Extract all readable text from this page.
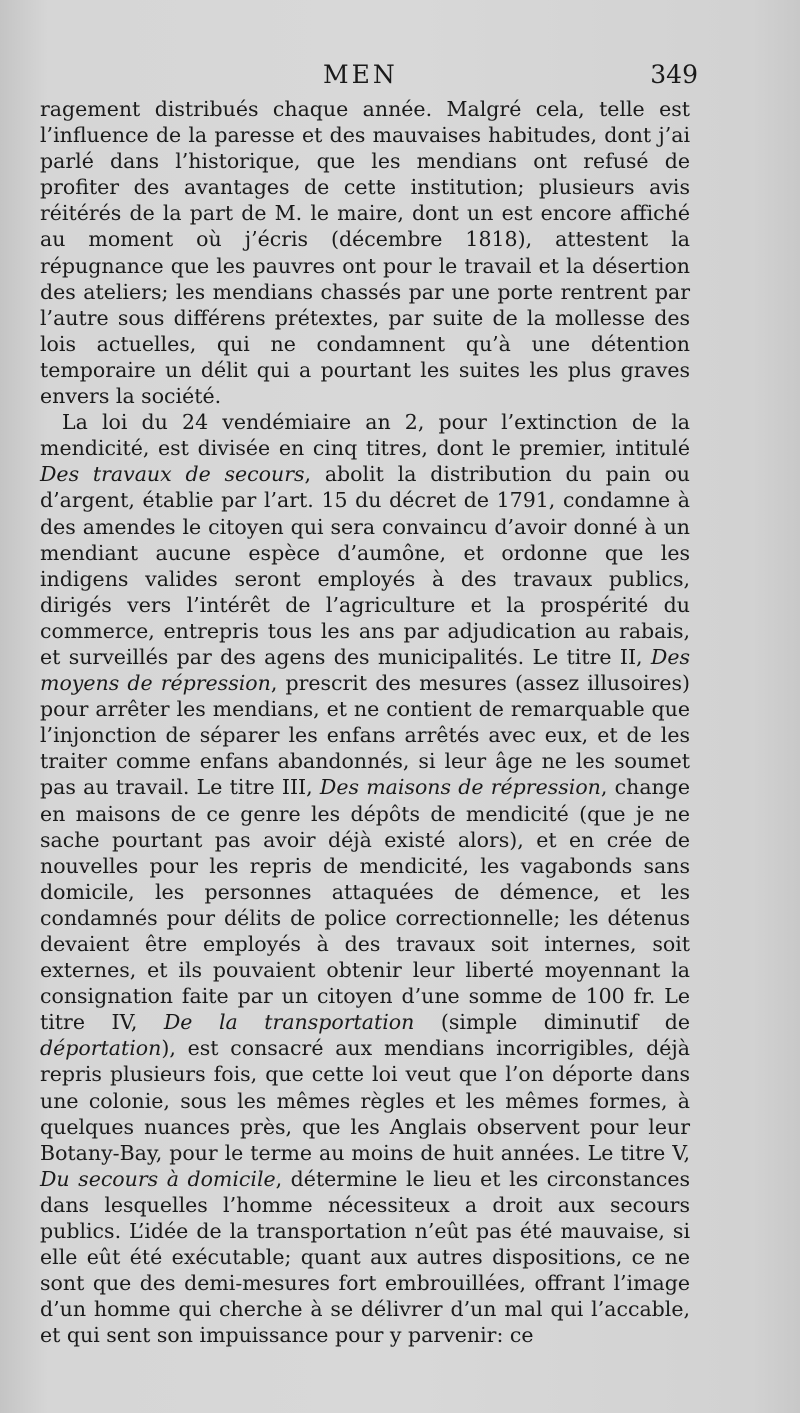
MEN	349

ragement distribués chaque année. Malgré cela, telle est l’influence de la paresse et des mauvaises habitudes, dont j’ai parlé dans l’historique, que les mendians ont refusé de profiter des avantages de cette institution; plusieurs avis réitérés de la part de M. le maire, dont un est encore affiché au moment où j’écris (décembre 1818), attestent la répugnance que les pauvres ont pour le travail et la désertion des ateliers; les mendians chassés par une porte rentrent par l’autre sous différens prétextes, par suite de la mollesse des lois actuelles, qui ne condamnent qu’à une détention temporaire un délit qui a pourtant les suites les plus graves envers la société.

La loi du 24 vendémiaire an 2, pour l’extinction de la mendicité, est divisée en cinq titres, dont le premier, intitulé Des travaux de secours, abolit la distribution du pain ou d’argent, établie par l’art. 15 du décret de 1791, condamne à des amendes le citoyen qui sera convaincu d’avoir donné à un mendiant aucune espèce d’aumône, et ordonne que les indigens valides seront employés à des travaux publics, dirigés vers l’intérêt de l’agriculture et la prospérité du commerce, entrepris tous les ans par adjudication au rabais, et surveillés par des agens des municipalités. Le titre II, Des moyens de répression, prescrit des mesures (assez illusoires) pour arrêter les mendians, et ne contient de remarquable que l’injonction de séparer les enfans arrêtés avec eux, et de les traiter comme enfans abandonnés, si leur âge ne les soumet pas au travail. Le titre III, Des maisons de répression, change en maisons de ce genre les dépôts de mendicité (que je ne sache pourtant pas avoir déjà existé alors), et en crée de nouvelles pour les repris de mendicité, les vagabonds sans domicile, les personnes attaquées de démence, et les condamnés pour délits de police correctionnelle; les détenus devaient être employés à des travaux soit internes, soit externes, et ils pouvaient obtenir leur liberté moyennant la consignation faite par un citoyen d’une somme de 100 fr. Le titre IV, De la transportation (simple diminutif de déportation), est consacré aux mendians incorrigibles, déjà repris plusieurs fois, que cette loi veut que l’on déporte dans une colonie, sous les mêmes règles et les mêmes formes, à quelques nuances près, que les Anglais observent pour leur Botany-Bay, pour le terme au moins de huit années. Le titre V, Du secours à domicile, détermine le lieu et les circonstances dans lesquelles l’homme nécessiteux a droit aux secours publics. L’idée de la transportation n’eût pas été mauvaise, si elle eût été exécutable; quant aux autres dispositions, ce ne sont que des demi-mesures fort embrouillées, offrant l’image d’un homme qui cherche à se délivrer d’un mal qui l’accable, et qui sent son impuissance pour y parvenir: ce
